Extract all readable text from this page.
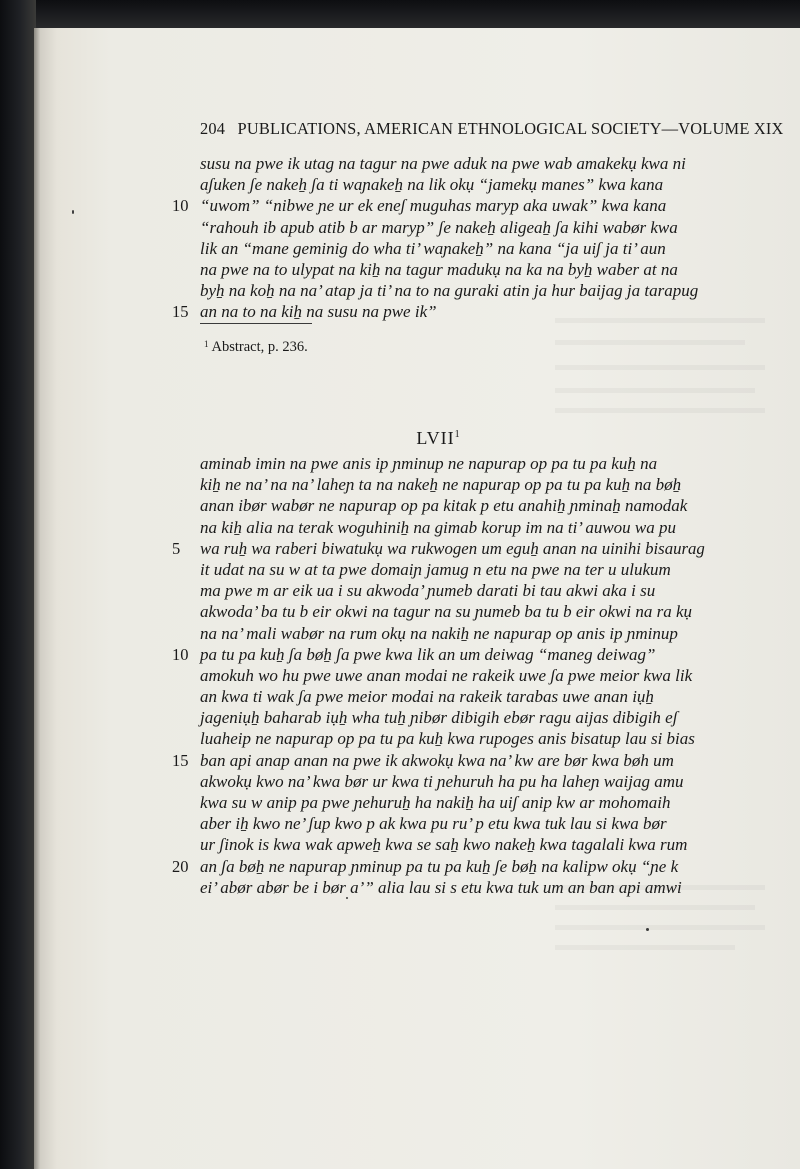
204 PUBLICATIONS, AMERICAN ETHNOLOGICAL SOCIETY—VOLUME XIX
susu na pwe ik utag na tagur na pwe aduk na pwe wab amakekụ kwa ni
aʃuken ʃe nakeẖ ʃa ti waɲakeẖ na lik okụ “jamekụ manes” kwa kana
10 “uwom” “nibwe ɲe ur ek eneʃ muguhas maryp aka uwak” kwa kana
“rahouh ib apub atib b ar maryp” ʃe nakeẖ aligeaẖ ʃa kihi wabør kwa
lik an “mane geminig do wha ti’ waɲakeẖ” na kana “ja uiʃ ja ti’ aun
na pwe na to ulypat na kiẖ na tagur madukụ na ka na byẖ waber at na
byẖ na koẖ na na’ atap ja ti’ na to na guraki atin ja hur baijag ja tarapug
15 an na to na kiẖ na susu na pwe ik”
$^1$ Abstract, p. 236.
LVII$^1$
aminab imin na pwe anis ip ɲminup ne napurap op pa tu pa kuẖ na
kiẖ ne na’ na na’ laheɲ ta na nakeẖ ne napurap op pa tu pa kuẖ na bøẖ
anan ibør wabør ne napurap op pa kitak p etu anahiẖ ɲminaẖ namodak
na kiẖ alia na terak woguhiniẖ na gimab korup im na ti’ auwou wa pu
5 wa ruẖ wa raberi biwatukụ wa rukwogen um eguẖ anan na uinihi bisaurag
it udat na su w at ta pwe domaiɲ jamug n etu na pwe na ter u ulukum
ma pwe m ar eik ua i su akwoda’ ɲumeb darati bi tau akwi aka i su
akwoda’ ba tu b eir okwi na tagur na su ɲumeb ba tu b eir okwi na ra kụ
na na’ mali wabør na rum okụ na nakiẖ ne napurap op anis ip ɲminup
10 pa tu pa kuẖ ʃa bøẖ ʃa pwe kwa lik an um deiwag “maneg deiwag”
amokuh wo hu pwe uwe anan modai ne rakeik uwe ʃa pwe meior kwa lik
an kwa ti wak ʃa pwe meior modai na rakeik tarabas uwe anan iụẖ
jageniụẖ baharab iụẖ wha tuẖ ɲibør dibigih ebør ragu aijas dibigih eʃ
luaheip ne napurap op pa tu pa kuẖ kwa rupoges anis bisatup lau si bias
15 ban api anap anan na pwe ik akwokụ kwa na’ kw are bør kwa bøh um
akwokụ kwo na’ kwa bør ur kwa ti ɲehuruh ha pu ha laheɲ waijag amu
kwa su w anip pa pwe ɲehuruẖ ha nakiẖ ha uiʃ anip kw ar mohomaih
aber iẖ kwo ne’ ʃup kwo p ak kwa pu ru’ p etu kwa tuk lau si kwa bør
ur ʃinok is kwa wak apweẖ kwa se saẖ kwo nakeẖ kwa tagalali kwa rum
20 an ʃa bøẖ ne napurap ɲminup pa tu pa kuẖ ʃe bøẖ na kalipw okụ “ɲe k
ei’ abør abør be i bør a’” alia lau si s etu kwa tuk um an ban api amwi
